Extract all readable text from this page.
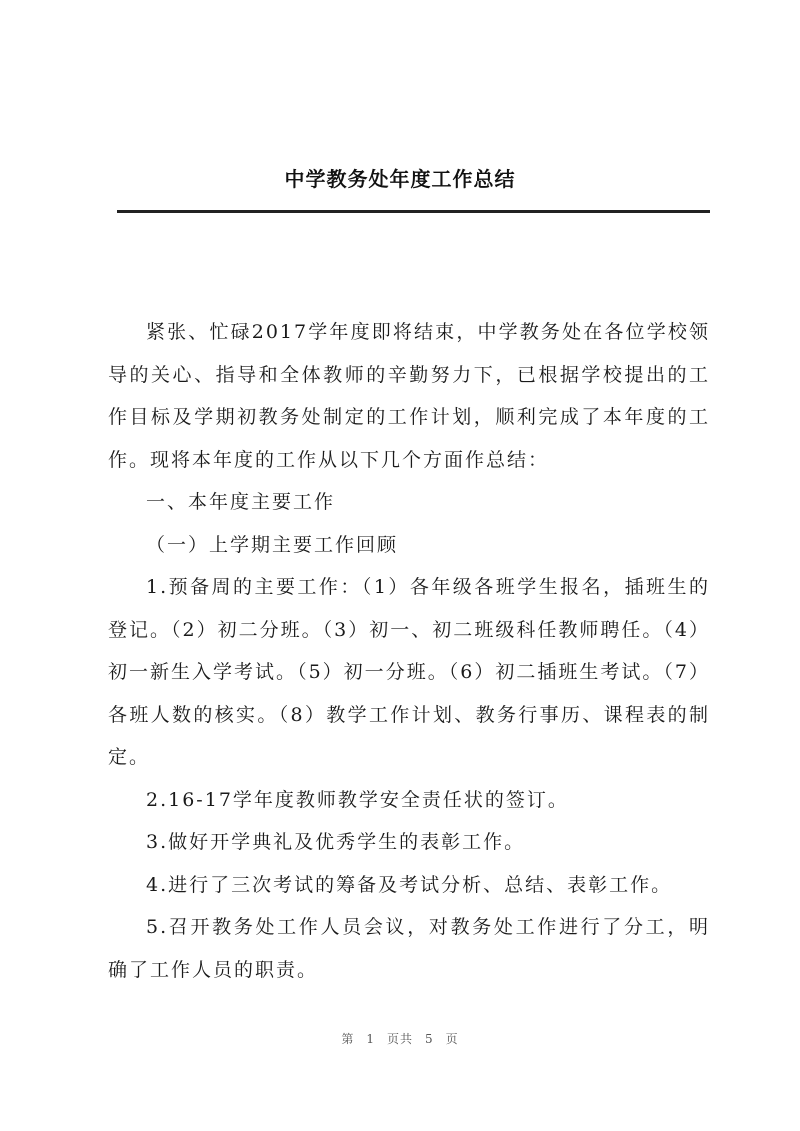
中学教务处年度工作总结

紧张、忙碌2017学年度即将结束，中学教务处在各位学校领导的关心、指导和全体教师的辛勤努力下，已根据学校提出的工作目标及学期初教务处制定的工作计划，顺利完成了本年度的工作。现将本年度的工作从以下几个方面作总结：

一、本年度主要工作

（一）上学期主要工作回顾

1.预备周的主要工作：（1）各年级各班学生报名，插班生的登记。（2）初二分班。（3）初一、初二班级科任教师聘任。（4）初一新生入学考试。（5）初一分班。（6）初二插班生考试。（7）各班人数的核实。（8）教学工作计划、教务行事历、课程表的制定。

2.16-17学年度教师教学安全责任状的签订。

3.做好开学典礼及优秀学生的表彰工作。

4.进行了三次考试的筹备及考试分析、总结、表彰工作。

5.召开教务处工作人员会议，对教务处工作进行了分工，明确了工作人员的职责。

第 1 页共 5 页
